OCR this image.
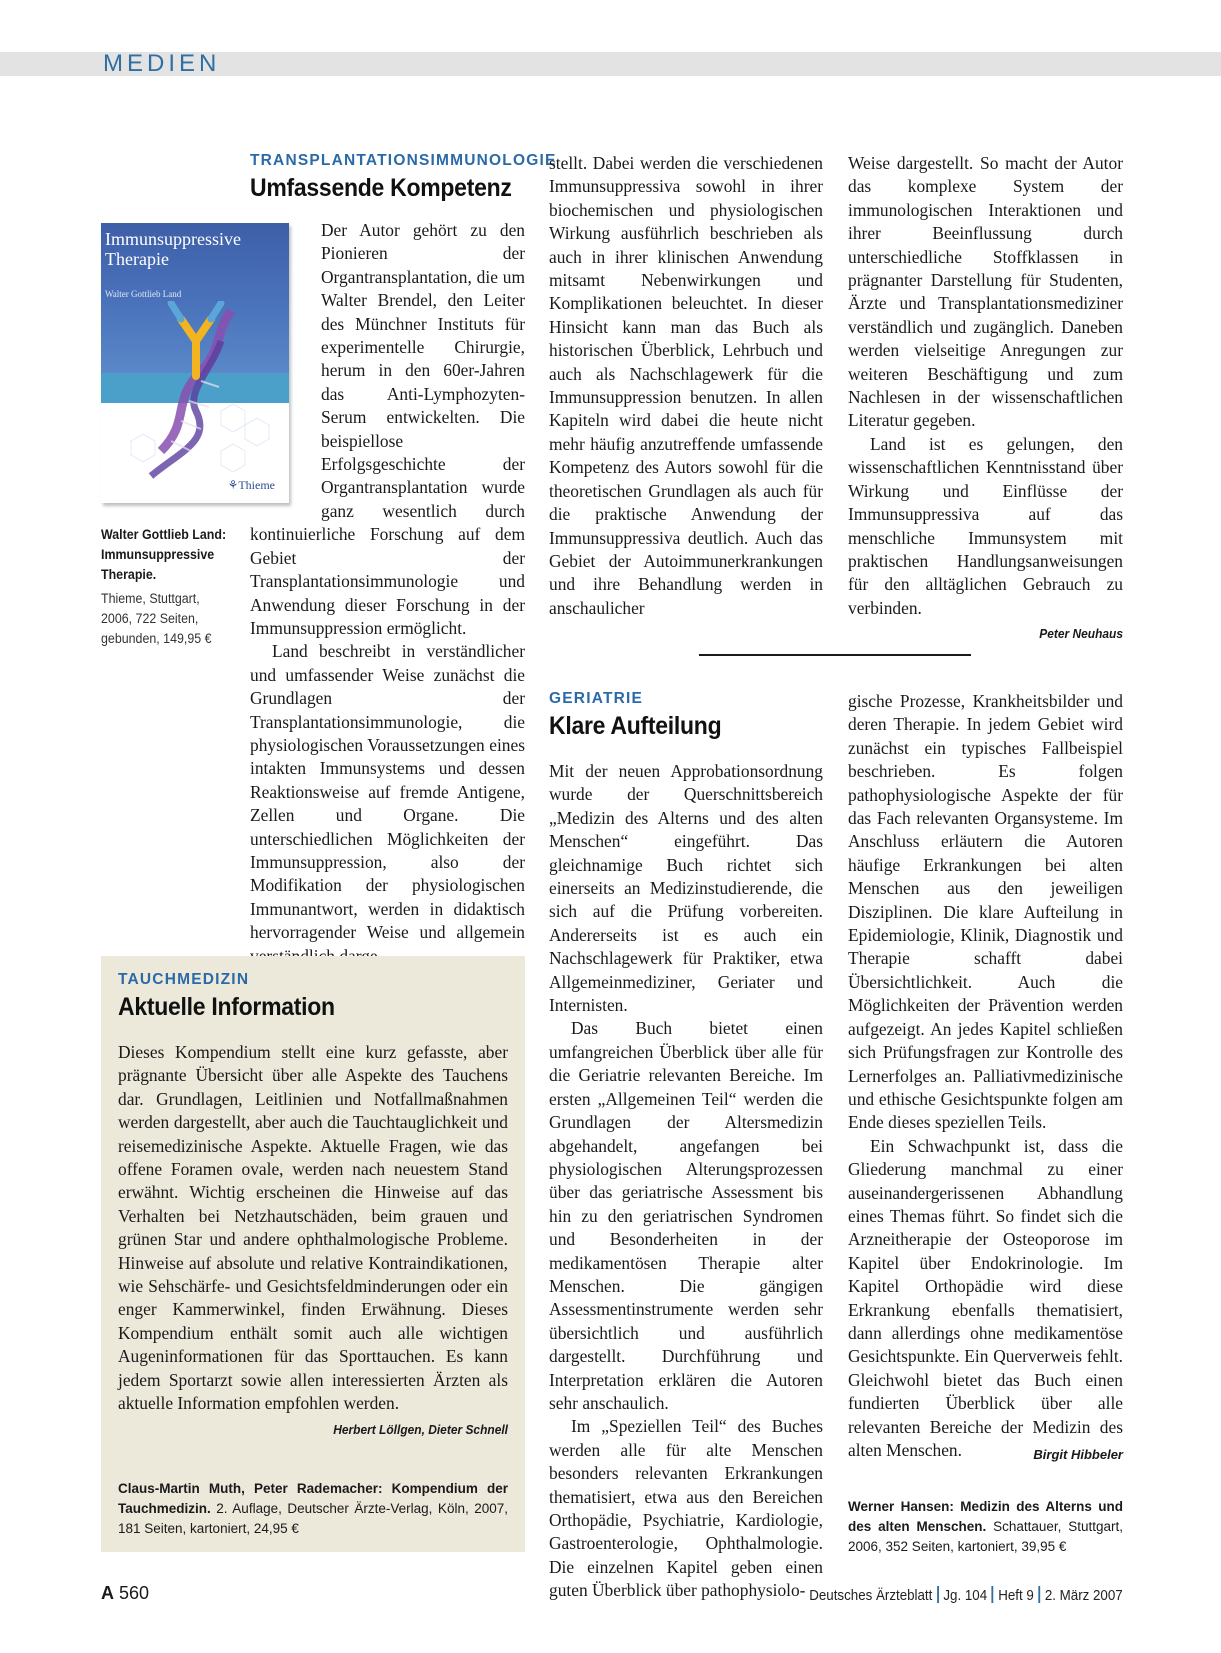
MEDIEN
Immunsuppressive
Therapie
Walter Gottlieb Land
⚘Thieme
Walter Gottlieb Land:
Immunsuppressive
Therapie.
Thieme, Stuttgart,
2006, 722 Seiten,
gebunden, 149,95 €
TRANSPLANTATIONSIMMUNOLOGIE
Umfassende Kompetenz

Der Autor gehört zu den Pionieren der Organtransplantation, die um Walter Brendel, den Leiter des Münchner Instituts für experimentelle Chirurgie, herum in den 60er-Jahren das Anti-Lymphozyten-Serum entwickelten. Die beispiellose Erfolgsgeschichte der Organtransplantation wurde ganz wesentlich durch kontinuierliche Forschung auf dem Gebiet der Transplantationsimmunologie und Anwendung dieser Forschung in der Immunsuppression ermöglicht.

Land beschreibt in verständlicher und umfassender Weise zunächst die Grundlagen der Transplantationsimmunologie, die physiologischen Voraussetzungen eines intakten Immunsystems und dessen Reaktionsweise auf fremde Antigene, Zellen und Organe. Die unterschiedlichen Möglichkeiten der Immunsuppression, also der Modifikation der physiologischen Immunantwort, werden in didaktisch hervorragender Weise und allgemein

stellt. Dabei werden die verschiedenen Immunsuppressiva sowohl in ihrer biochemischen und physiologischen Wirkung ausführlich beschrieben als auch in ihrer klinischen Anwendung mitsamt Nebenwirkungen und Komplikationen beleuchtet. In dieser Hinsicht kann man das Buch als historischen Überblick, Lehrbuch und auch als Nachschlagewerk für die Immunsuppression benutzen. In allen Kapiteln wird dabei die heute nicht mehr häufig anzutreffende umfassende Kompetenz des Autors sowohl für die theoretischen Grundlagen als auch für die praktische Anwendung der Immunsuppressiva deutlich. Auch das Gebiet der Autoimmunerkrankungen und ihre Behandlung werden in anschaulicher

Weise dargestellt. So macht der Autor das komplexe System der immunologischen Interaktionen und ihrer Beeinflussung durch unterschiedliche Stoffklassen in prägnanter Darstellung für Studenten, Ärzte und Transplantationsmediziner verständlich und zugänglich. Daneben werden vielseitige Anregungen zur weiteren Beschäftigung und zum Nachlesen in der wissenschaftlichen Literatur gegeben.

Land ist es gelungen, den wissenschaftlichen Kenntnisstand über Wirkung und Einflüsse der Immunsuppressiva auf das menschliche Immunsystem mit praktischen Handlungsanweisungen für den alltäglichen Gebrauch zu verbinden.

Peter Neuhaus
TAUCHMEDIZIN
Aktuelle Information

Dieses Kompendium stellt eine kurz gefasste, aber prägnante Übersicht über alle Aspekte des Tauchens dar. Grundlagen, Leitlinien und Notfallmaßnahmen werden dargestellt, aber auch die Tauchtauglichkeit und reisemedizinische Aspekte. Aktuelle Fragen, wie das offene Foramen ovale, werden nach neuestem Stand erwähnt. Wichtig erscheinen die Hinweise auf das Verhalten bei Netzhautschäden, beim grauen und grünen Star und andere ophthalmologische Probleme. Hinweise auf absolute und relative Kontraindikationen, wie Sehschärfe- und Gesichtsfeldminderungen oder ein enger Kammerwinkel, finden Erwähnung. Dieses Kompendium enthält somit auch alle wichtigen Augeninformationen für das Sporttauchen. Es kann jedem Sportarzt sowie allen interessierten Ärzten als aktuelle Information empfohlen werden.

Herbert Löllgen, Dieter Schnell
Claus-Martin Muth, Peter Rademacher: Kompendium der Tauchmedizin. 2. Auflage, Deutscher Ärzte-Verlag, Köln, 2007, 181 Seiten, kartoniert, 24,95 €
GERIATRIE
Klare Aufteilung

Mit der neuen Approbationsordnung wurde der Querschnittsbereich „Medizin des Alterns und des alten Menschen“ eingeführt. Das gleichnamige Buch richtet sich einerseits an Medizinstudierende, die sich auf die Prüfung vorbereiten. Andererseits ist es auch ein Nachschlagewerk für Praktiker, etwa Allgemeinmediziner, Geriater und Internisten.

Das Buch bietet einen umfangreichen Überblick über alle für die Geriatrie relevanten Bereiche. Im ersten „Allgemeinen Teil“ werden die Grundlagen der Altersmedizin abgehandelt, angefangen bei physiologischen Alterungsprozessen über das geriatrische Assessment bis hin zu den geriatrischen Syndromen und Besonderheiten in der medikamentösen Therapie alter Menschen. Die gängigen Assessmentinstrumente werden sehr übersichtlich und ausführlich dargestellt. Durchführung und Interpretation erklären die Autoren sehr anschaulich.

Im „Speziellen Teil“ des Buches werden alle für alte Menschen besonders relevanten Erkrankungen thematisiert, etwa aus den Bereichen Orthopädie, Psychiatrie, Kardiologie, Gastroenterologie, Ophthalmologie. Die einzelnen Kapitel geben einen guten Überblick über pathophysiolo-

gische Prozesse, Krankheitsbilder und deren Therapie. In jedem Gebiet wird zunächst ein typisches Fallbeispiel beschrieben. Es folgen pathophysiologische Aspekte der für das Fach relevanten Organsysteme. Im Anschluss erläutern die Autoren häufige Erkrankungen bei alten Menschen aus den jeweiligen Disziplinen. Die klare Aufteilung in Epidemiologie, Klinik, Diagnostik und Therapie schafft dabei Übersichtlichkeit. Auch die Möglichkeiten der Prävention werden aufgezeigt. An jedes Kapitel schließen sich Prüfungsfragen zur Kontrolle des Lernerfolges an. Palliativmedizinische und ethische Gesichtspunkte folgen am Ende dieses speziellen Teils.

Ein Schwachpunkt ist, dass die Gliederung manchmal zu einer auseinandergerissenen Abhandlung eines Themas führt. So findet sich die Arzneitherapie der Osteoporose im Kapitel über Endokrinologie. Im Kapitel Orthopädie wird diese Erkrankung ebenfalls thematisiert, dann allerdings ohne medikamentöse Gesichtspunkte. Ein Querverweis fehlt. Gleichwohl bietet das Buch einen fundierten Überblick über alle relevanten Bereiche der Medizin des alten Menschen.	Birgit Hibbeler

Werner Hansen: Medizin des Alterns und des alten Menschen. Schattauer, Stuttgart, 2006, 352 Seiten, kartoniert, 39,95 €
A 560	Deutsches Ärzteblatt Jg. 104 Heft 9 2. März 2007
